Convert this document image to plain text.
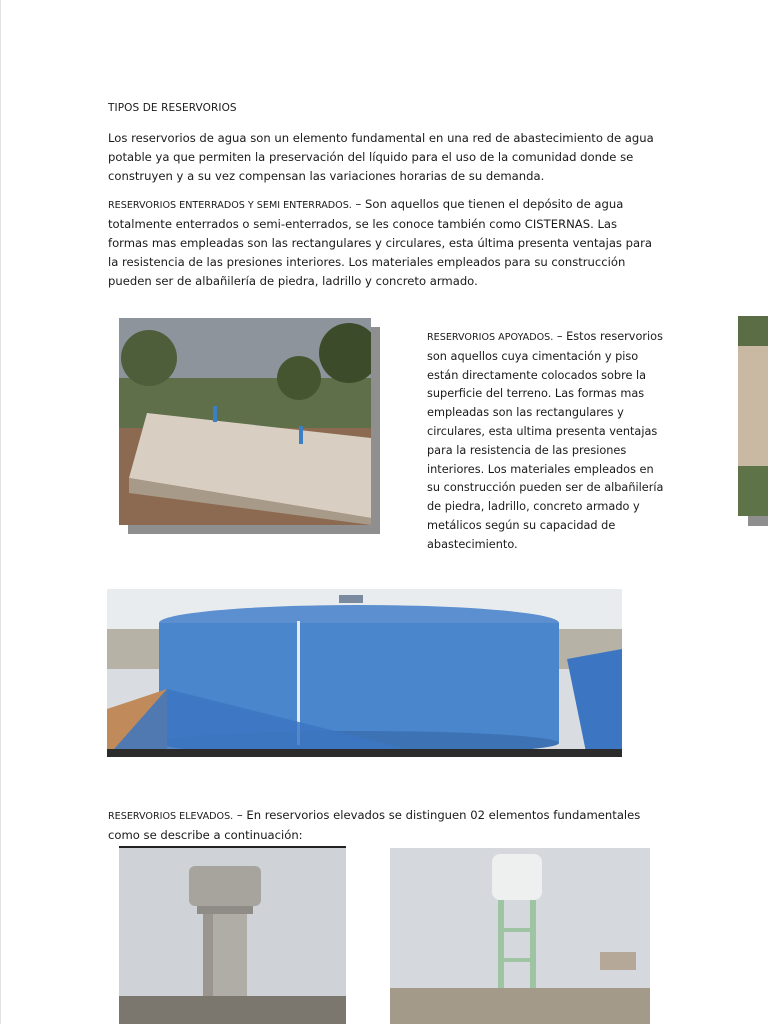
TIPOS DE RESERVORIOS

Los reservorios de agua son un elemento fundamental en una red de abastecimiento de agua potable ya que permiten la preservación del líquido para el uso de la comunidad donde se construyen y a su vez compensan las variaciones horarias de su demanda.

RESERVORIOS ENTERRADOS Y SEMI ENTERRADOS. – Son aquellos que tienen el depósito de agua totalmente enterrados o semi-enterrados, se les conoce también como CISTERNAS. Las formas mas empleadas son las rectangulares y circulares, esta última presenta ventajas para la resistencia de las presiones interiores. Los materiales empleados para su construcción pueden ser de albañilería de piedra, ladrillo y concreto armado.

RESERVORIOS APOYADOS. – Estos reservorios son aquellos cuya cimentación y piso están directamente colocados sobre la superficie del terreno. Las formas mas empleadas son las rectangulares y circulares, esta ultima presenta ventajas para la resistencia de las presiones interiores. Los materiales empleados en su construcción pueden ser de albañilería de piedra, ladrillo, concreto armado y metálicos según su capacidad de abastecimiento.

RESERVORIOS ELEVADOS. – En reservorios elevados se distinguen 02 elementos fundamentales como se describe a continuación:
